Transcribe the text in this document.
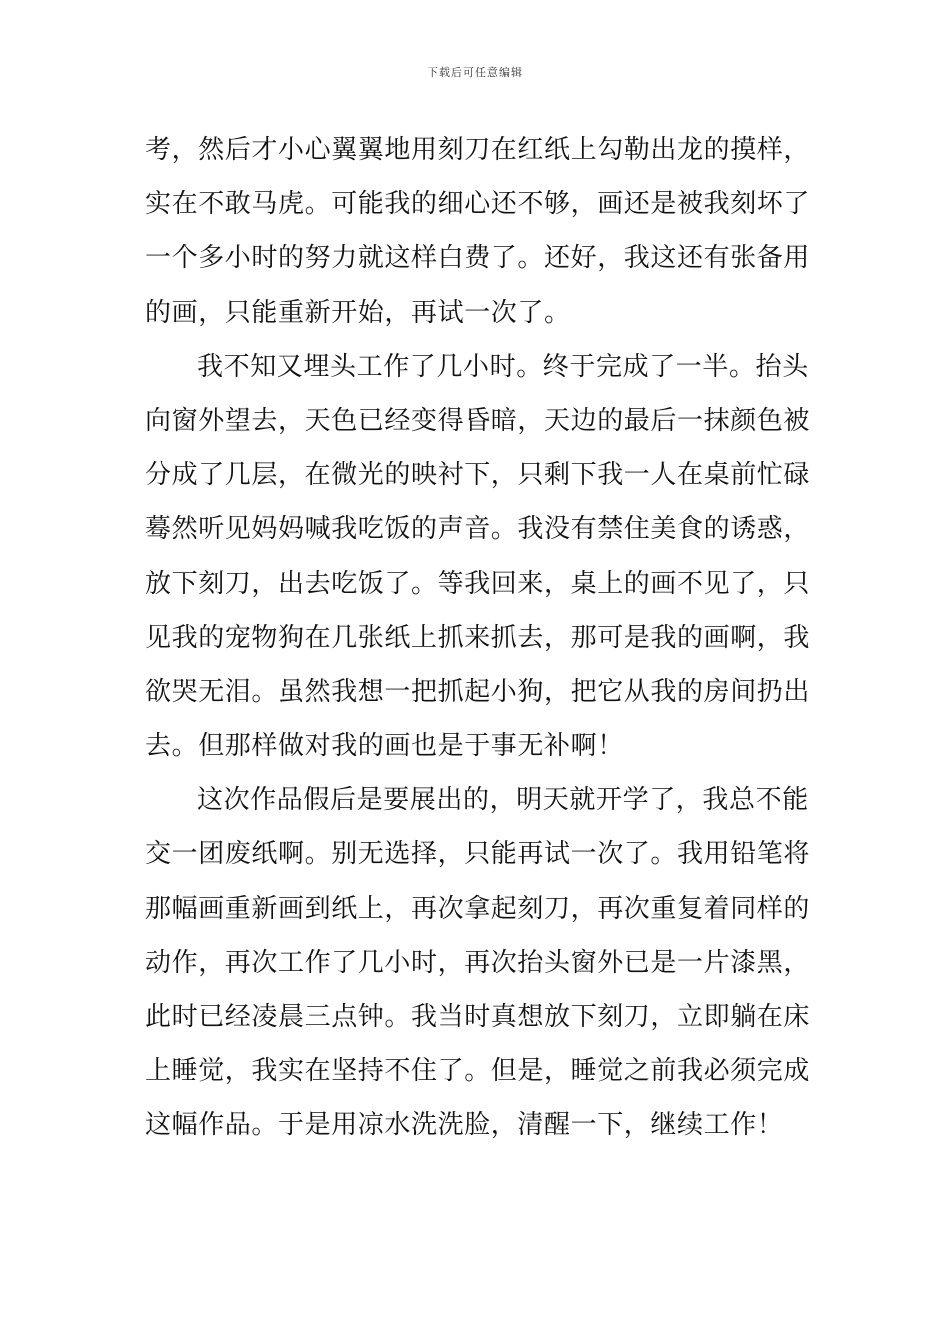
下载后可任意编辑
考，然后才小心翼翼地用刻刀在红纸上勾勒出龙的摸样，
实在不敢马虎。可能我的细心还不够，画还是被我刻坏了
一个多小时的努力就这样白费了。还好，我这还有张备用
的画，只能重新开始，再试一次了。
我不知又埋头工作了几小时。终于完成了一半。抬头
向窗外望去，天色已经变得昏暗，天边的最后一抹颜色被
分成了几层，在微光的映衬下，只剩下我一人在桌前忙碌
蓦然听见妈妈喊我吃饭的声音。我没有禁住美食的诱惑，
放下刻刀，出去吃饭了。等我回来，桌上的画不见了，只
见我的宠物狗在几张纸上抓来抓去，那可是我的画啊，我
欲哭无泪。虽然我想一把抓起小狗，把它从我的房间扔出
去。但那样做对我的画也是于事无补啊！
这次作品假后是要展出的，明天就开学了，我总不能
交一团废纸啊。别无选择，只能再试一次了。我用铅笔将
那幅画重新画到纸上，再次拿起刻刀，再次重复着同样的
动作，再次工作了几小时，再次抬头窗外已是一片漆黑，
此时已经凌晨三点钟。我当时真想放下刻刀，立即躺在床
上睡觉，我实在坚持不住了。但是，睡觉之前我必须完成
这幅作品。于是用凉水洗洗脸，清醒一下，继续工作！
